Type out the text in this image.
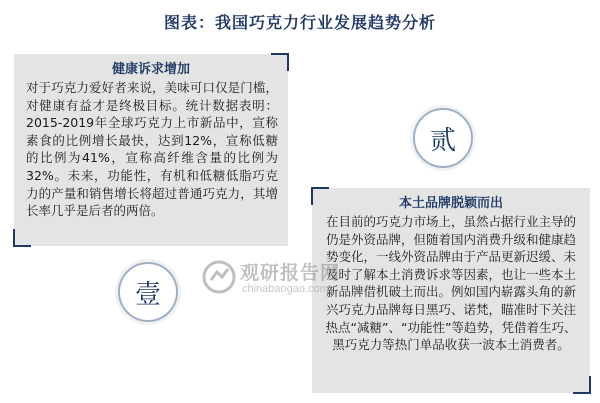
图表：我国巧克力行业发展趋势分析
健康诉求增加
对于巧克力爱好者来说，美味可口仅是门槛，对健康有益才是终极目标。统计数据表明：2015-2019年全球巧克力上市新品中，宣称素食的比例增长最快，达到12%，宣称低糖的比例为41%，宣称高纤维含量的比例为32%。未来，功能性，有机和低糖低脂巧克力的产量和销售增长将超过普通巧克力，其增长率几乎是后者的两倍。
贰
本土品牌脱颖而出
在目前的巧克力市场上，虽然占据行业主导的仍是外资品牌，但随着国内消费升级和健康趋势变化，一线外资品牌由于产品更新迟缓、未及时了解本土消费诉求等因素，也让一些本土新品牌借机破土而出。例如国内崭露头角的新兴巧克力品牌每日黑巧、诺梵，瞄准时下关注热点“减糖”、“功能性”等趋势，凭借着生巧、黑巧克力等热门单品收获一波本土消费者。
壹
观研报告网
chinabaogao.com
